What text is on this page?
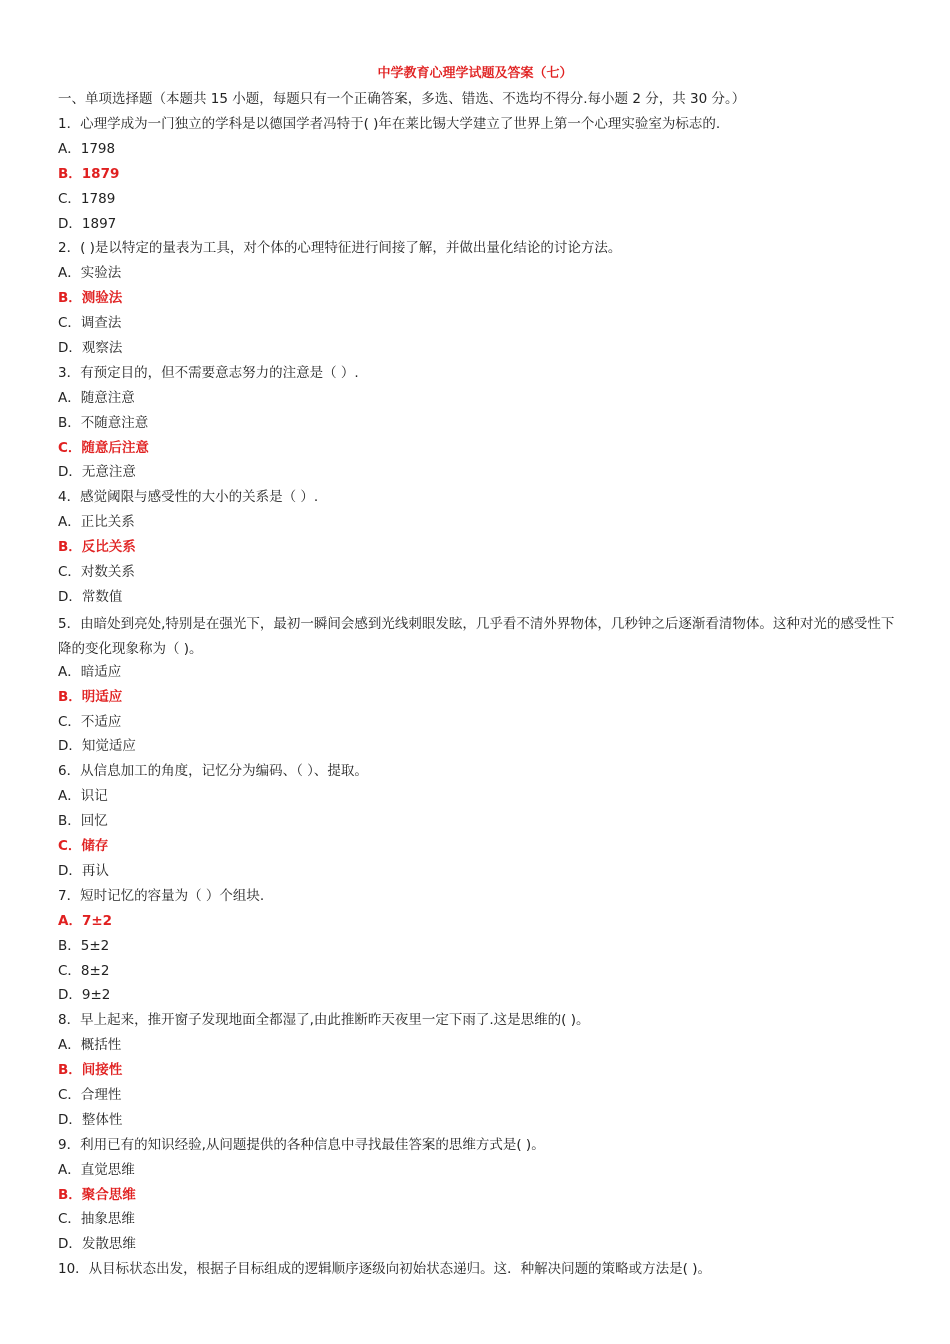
中学教育心理学试题及答案（七）
一、单项选择题（本题共 15 小题，每题只有一个正确答案，多选、错选、不选均不得分.每小题 2 分，共 30 分。）
1．心理学成为一门独立的学科是以德国学者冯特于( )年在莱比锡大学建立了世界上第一个心理实验室为标志的.
A．1798
B．1879
C．1789
D．1897
2．( )是以特定的量表为工具，对个体的心理特征进行间接了解，并做出量化结论的讨论方法。
A．实验法
B．测验法
C．调查法
D．观察法
3．有预定目的，但不需要意志努力的注意是（ ）.
A．随意注意
B．不随意注意
C．随意后注意
D．无意注意
4．感觉阈限与感受性的大小的关系是（ ）.
A．正比关系
B．反比关系
C．对数关系
D．常数值
5．由暗处到亮处,特别是在强光下，最初一瞬间会感到光线刺眼发眩，几乎看不清外界物体，几秒钟之后逐渐看清物体。这种对光的感受性下降的变化现象称为（ )。
A．暗适应
B．明适应
C．不适应
D．知觉适应
6．从信息加工的角度，记忆分为编码、（ ）、提取。
A．识记
B．回忆
C．储存
D．再认
7．短时记忆的容量为（ ）个组块.
A．7±2
B．5±2
C．8±2
D．9±2
8．早上起来，推开窗子发现地面全都湿了,由此推断昨天夜里一定下雨了.这是思维的( )。
A．概括性
B．间接性
C．合理性
D．整体性
9．利用已有的知识经验,从问题提供的各种信息中寻找最佳答案的思维方式是( )。
A．直觉思维
B．聚合思维
C．抽象思维
D．发散思维
10．从目标状态出发，根据子目标组成的逻辑顺序逐级向初始状态递归。这．种解决问题的策略或方法是( )。
